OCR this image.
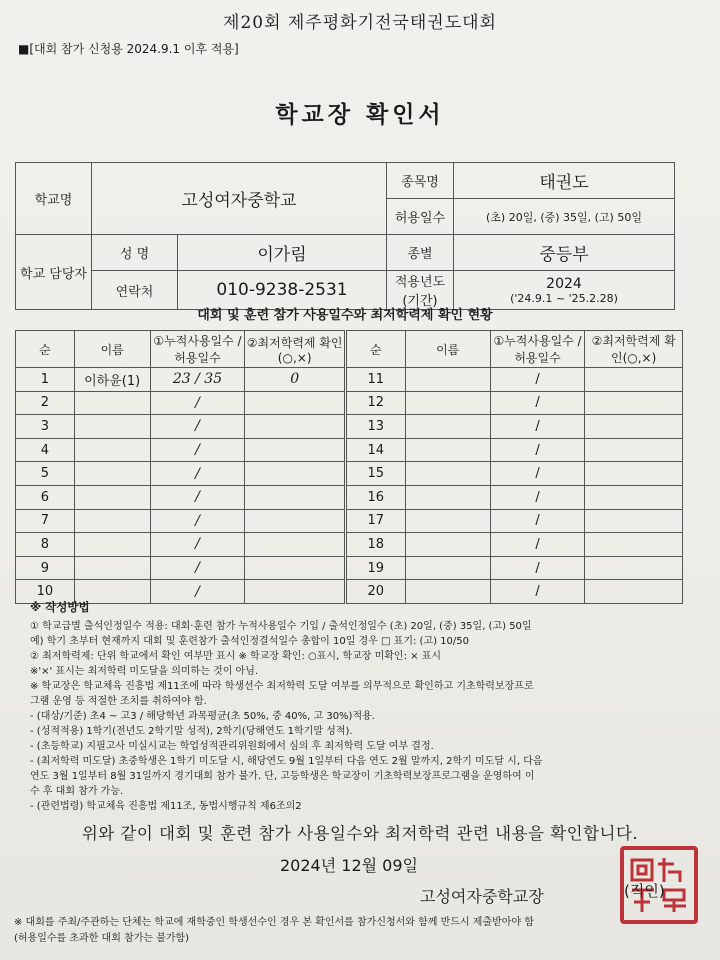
제20회 제주평화기전국태권도대회
■[대회 참가 신청용 2024.9.1 이후 적용]
학교장 확인서
학교명	고성여자중학교		종목명	태권도
			허용일수	(초) 20일, (중) 35일, (고) 50일
학교 담당자	성 명	이가림	종별	중등부
	연락처	010-9238-2531	적용년도 (기간)	2024
('24.9.1 ~ '25.2.28)
대회 및 훈련 참가 사용일수와 최저학력제 확인 현황
순	이름	①누적사용일수 /허용일수	②최저학력제 확인(○,×)	순	이름	①누적사용일수 /허용일수	②최저학력제 확인(○,×)
1	이하윤(1)	23 / 35	0	11		/	
2		/		12		/	
3		/		13		/	
4		/		14		/	
5		/		15		/	
6		/		16		/	
7		/		17		/	
8		/		18		/	
9		/		19		/	
10		/		20		/	
※ 작성방법
① 학교급별 출석인정일수 적용: 대회·훈련 참가 누적사용일수 기입 / 출석인정일수 (초) 20일, (중) 35일, (고) 50일
예) 학기 초부터 현재까지 대회 및 훈련참가 출석인정결석일수 총합이 10일 경우 □ 표기: (고) 10/50
② 최저학력제: 단위 학교에서 확인 여부만 표시 ※ 학교장 확인: ○표시, 학교장 미확인: × 표시
※'×' 표시는 최저학력 미도달을 의미하는 것이 아님.
※ 학교장은 학교체육 진흥법 제11조에 따라 학생선수 최저학력 도달 여부를 의무적으로 확인하고 기초학력보장프로
그램 운영 등 적절한 조치를 취하여야 함.
- (대상/기준) 초4 ~ 고3 / 해당학년 과목평균(초 50%, 중 40%, 고 30%)적용.
- (성적적용) 1학기(전년도 2학기말 성적), 2학기(당해연도 1학기말 성적).
- (초등학교) 지필고사 미실시교는 학업성적관리위원회에서 심의 후 최저학력 도달 여부 결정.
- (최저학력 미도달) 초중학생은 1학기 미도달 시, 해당연도 9월 1일부터 다음 연도 2월 말까지, 2학기 미도달 시, 다음
연도 3월 1일부터 8월 31일까지 경기대회 참가 불가. 단, 고등학생은 학교장이 기초학력보장프로그램을 운영하여 이
수 후 대회 참가 가능.
- (관련법령) 학교체육 진흥법 제11조, 동법시행규칙 제6조의2
위와 같이 대회 및 훈련 참가 사용일수와 최저학력 관련 내용을 확인합니다.
2024년 12월 09일
고성여자중학교장	(직인)
※ 대회를 주최/주관하는 단체는 학교에 재학중인 학생선수인 경우 본 확인서를 참가신청서와 함께 반드시 제출받아야 함
(허용일수를 초과한 대회 참가는 불가함)
